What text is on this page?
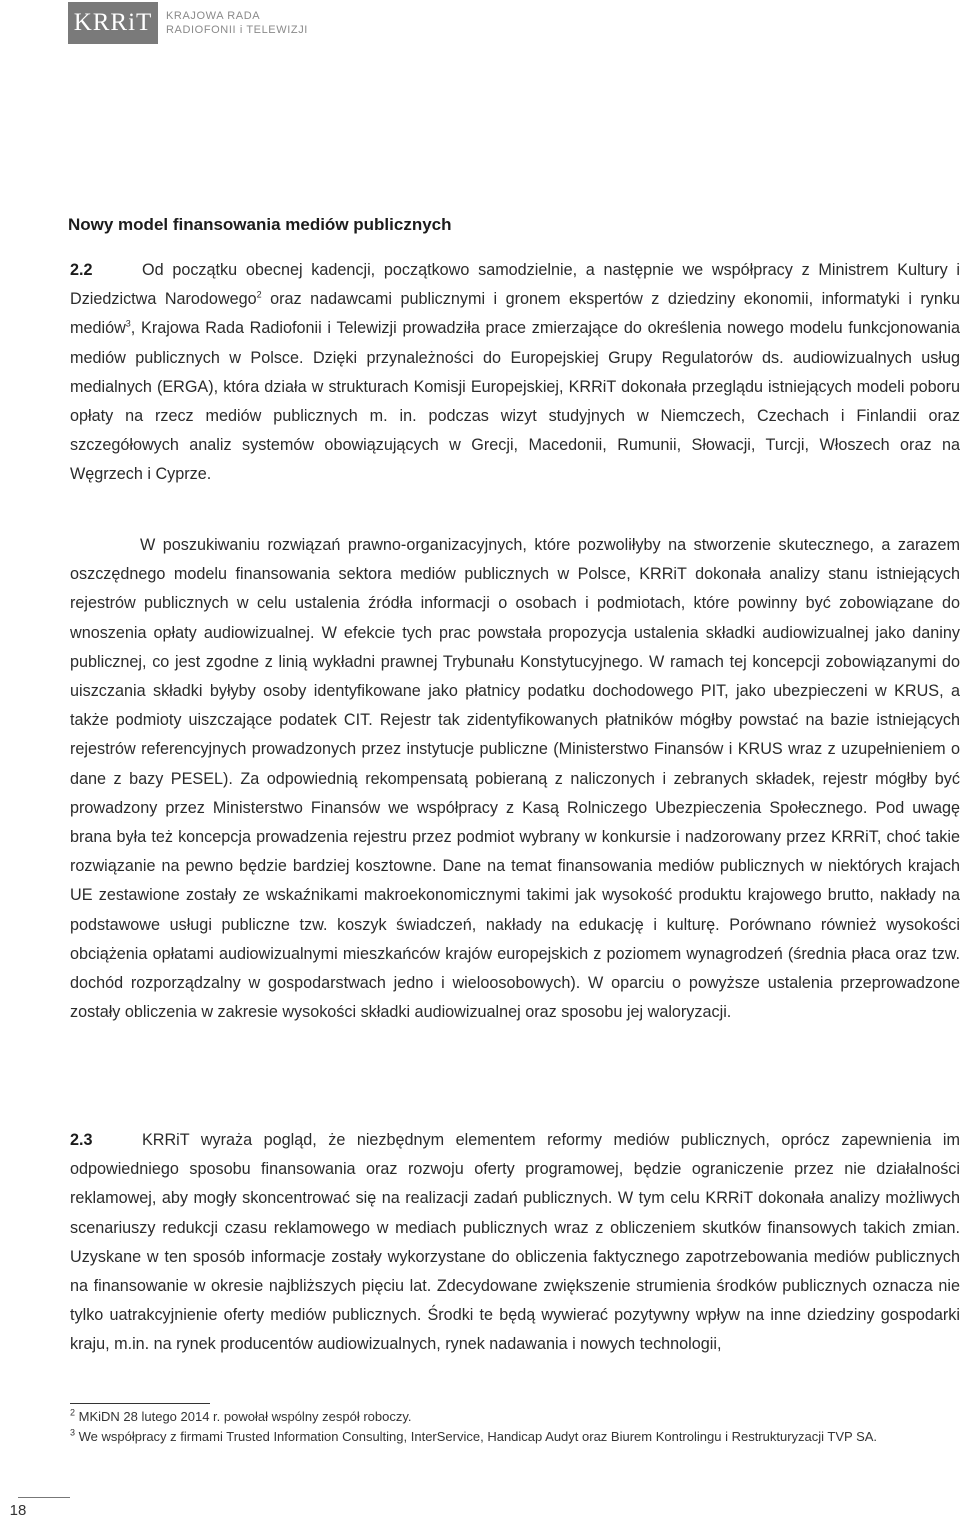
KRRiT	KRAJOWA RADA
RADIOFONII i TELEWIZJI
Nowy model finansowania mediów publicznych

2.2	Od początku obecnej kadencji, początkowo samodzielnie, a następnie we współpracy z Ministrem Kultury i Dziedzictwa Narodowego$^2$ oraz nadawcami publicznymi i gronem ekspertów z dziedziny ekonomii, informatyki i rynku mediów$^3$, Krajowa Rada Radiofonii i Telewizji prowadziła prace zmierzające do określenia nowego modelu funkcjonowania mediów publicznych w Polsce. Dzięki przynależności do Europejskiej Grupy Regulatorów ds. audiowizualnych usług medialnych (ERGA), która działa w strukturach Komisji Europejskiej, KRRiT dokonała przeglądu istniejących modeli poboru opłaty na rzecz mediów publicznych m. in. podczas wizyt studyjnych w Niemczech, Czechach i Finlandii oraz szczegółowych analiz systemów obowiązujących w Grecji, Macedonii, Rumunii, Słowacji, Turcji, Włoszech oraz na Węgrzech i Cyprze.

W poszukiwaniu rozwiązań prawno-organizacyjnych, które pozwoliłyby na stworzenie skutecznego, a zarazem oszczędnego modelu finansowania sektora mediów publicznych w Polsce, KRRiT dokonała analizy stanu istniejących rejestrów publicznych w celu ustalenia źródła informacji o osobach i podmiotach, które powinny być zobowiązane do wnoszenia opłaty audiowizualnej. W efekcie tych prac powstała propozycja ustalenia składki audiowizualnej jako daniny publicznej, co jest zgodne z linią wykładni prawnej Trybunału Konstytucyjnego. W ramach tej koncepcji zobowiązanymi do uiszczania składki byłyby osoby identyfikowane jako płatnicy podatku dochodowego PIT, jako ubezpieczeni w KRUS, a także podmioty uiszczające podatek CIT. Rejestr tak zidentyfikowanych płatników mógłby powstać na bazie istniejących rejestrów referencyjnych prowadzonych przez instytucje publiczne (Ministerstwo Finansów i KRUS wraz z uzupełnieniem o dane z bazy PESEL). Za odpowiednią rekompensatą pobieraną z naliczonych i zebranych składek, rejestr mógłby być prowadzony przez Ministerstwo Finansów we współpracy z Kasą Rolniczego Ubezpieczenia Społecznego. Pod uwagę brana była też koncepcja prowadzenia rejestru przez podmiot wybrany w konkursie i nadzorowany przez KRRiT, choć takie rozwiązanie na pewno będzie bardziej kosztowne. Dane na temat finansowania mediów publicznych w niektórych krajach UE zestawione zostały ze wskaźnikami makroekonomicznymi takimi jak wysokość produktu krajowego brutto, nakłady na podstawowe usługi publiczne tzw. koszyk świadczeń, nakłady na edukację i kulturę. Porównano również wysokości obciążenia opłatami audiowizualnymi mieszkańców krajów europejskich z poziomem wynagrodzeń (średnia płaca oraz tzw. dochód rozporządzalny w gospodarstwach jedno i wieloosobowych). W oparciu o powyższe ustalenia przeprowadzone zostały obliczenia w zakresie wysokości składki audiowizualnej oraz sposobu jej waloryzacji.

2.3	KRRiT wyraża pogląd, że niezbędnym elementem reformy mediów publicznych, oprócz zapewnienia im odpowiedniego sposobu finansowania oraz rozwoju oferty programowej, będzie ograniczenie przez nie działalności reklamowej, aby mogły skoncentrować się na realizacji zadań publicznych. W tym celu KRRiT dokonała analizy możliwych scenariuszy redukcji czasu reklamowego w mediach publicznych wraz z obliczeniem skutków finansowych takich zmian. Uzyskane w ten sposób informacje zostały wykorzystane do obliczenia faktycznego zapotrzebowania mediów publicznych na finansowanie w okresie najbliższych pięciu lat. Zdecydowane zwiększenie strumienia środków publicznych oznacza nie tylko uatrakcyjnienie oferty mediów publicznych. Środki te będą wywierać pozytywny wpływ na inne dziedziny gospodarki kraju, m.in. na rynek producentów audiowizualnych, rynek nadawania i nowych technologii,

$^2$ MKiDN 28 lutego 2014 r. powołał wspólny zespół roboczy.

$^3$ We współpracy z firmami Trusted Information Consulting, InterService, Handicap Audyt oraz Biurem Kontrolingu i Restrukturyzacji TVP SA.

18
